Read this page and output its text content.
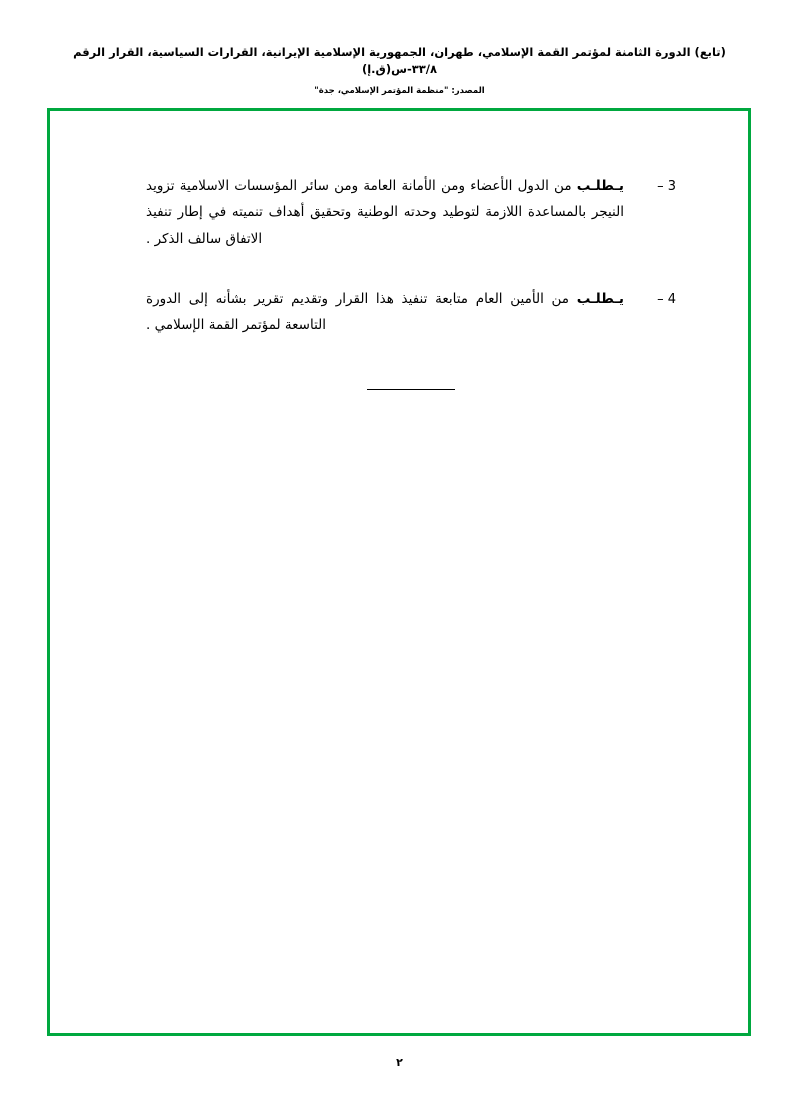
(تابع) الدورة الثامنة لمؤتمر القمة الإسلامي، طهران، الجمهورية الإسلامية الإيرانية، القرارات السياسية، القرار الرقم ٣٣/٨-س(ق.إ)
المصدر: "منظمة المؤتمر الإسلامي، جدة"
3 –
يـطلـب من الدول الأعضاء ومن الأمانة العامة ومن سائر المؤسسات الاسلامية تزويد النيجر بالمساعدة اللازمة لتوطيد وحدته الوطنية وتحقيق أهداف تنميته في إطار تنفيذ الاتفاق سالف الذكر .
4 –
يـطلـب من الأمين العام متابعة تنفيذ هذا القرار وتقديم تقرير بشأنه إلى الدورة التاسعة لمؤتمر القمة الإسلامي .
٢
